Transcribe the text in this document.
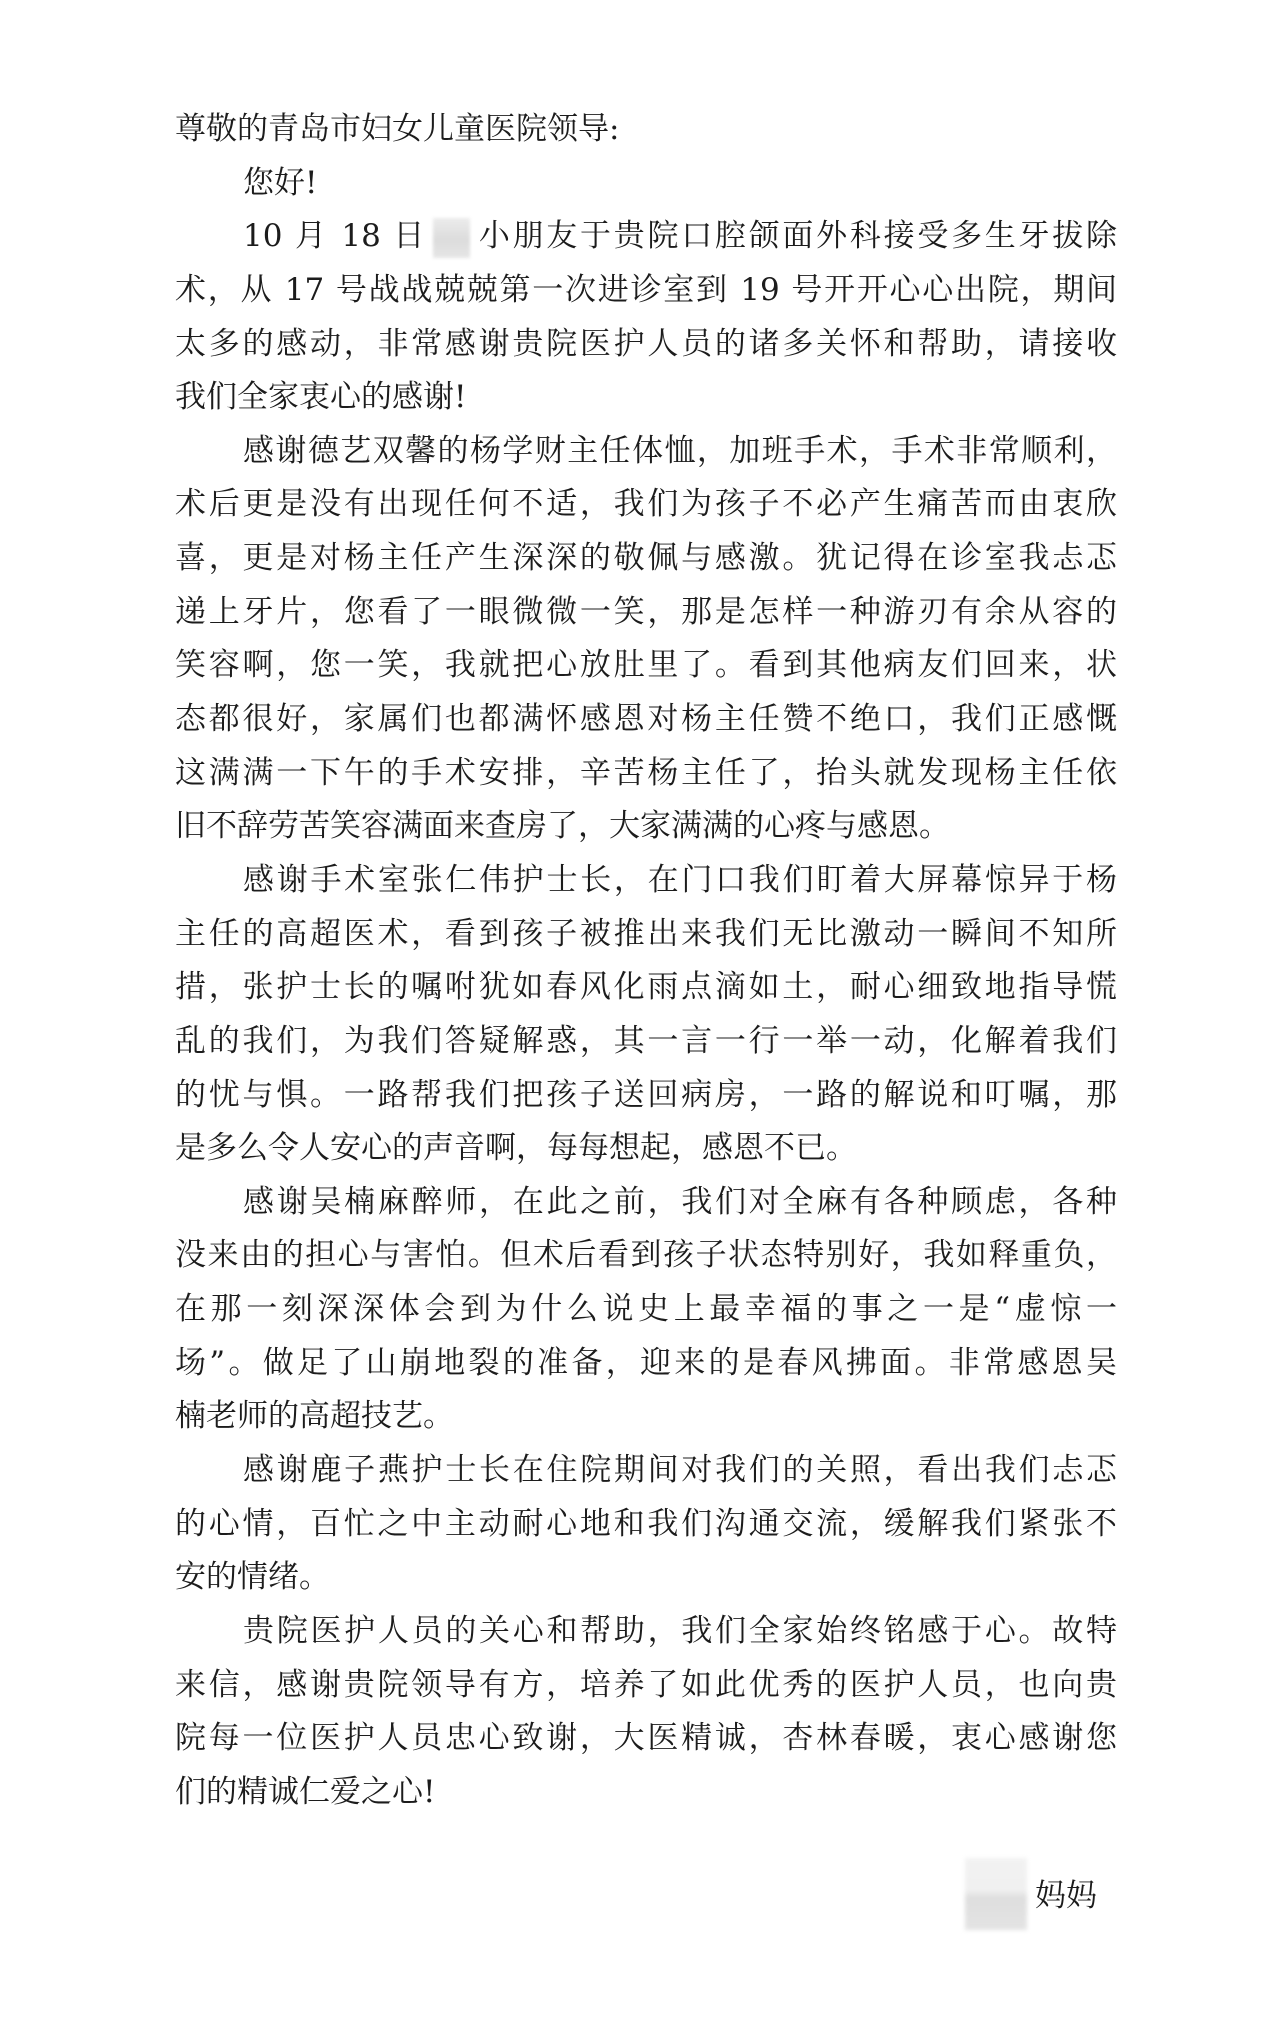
尊敬的青岛市妇女儿童医院领导:
您好!
10 月 18 日 小朋友于贵院口腔颌面外科接受多生牙拔除
术，从 17 号战战兢兢第一次进诊室到 19 号开开心心出院，期间
太多的感动，非常感谢贵院医护人员的诸多关怀和帮助，请接收
我们全家衷心的感谢!
感谢德艺双馨的杨学财主任体恤，加班手术，手术非常顺利，
术后更是没有出现任何不适，我们为孩子不必产生痛苦而由衷欣
喜，更是对杨主任产生深深的敬佩与感激。犹记得在诊室我忐忑
递上牙片，您看了一眼微微一笑，那是怎样一种游刃有余从容的
笑容啊，您一笑，我就把心放肚里了。看到其他病友们回来，状
态都很好，家属们也都满怀感恩对杨主任赞不绝口，我们正感慨
这满满一下午的手术安排，辛苦杨主任了，抬头就发现杨主任依
旧不辞劳苦笑容满面来查房了，大家满满的心疼与感恩。
感谢手术室张仁伟护士长，在门口我们盯着大屏幕惊异于杨
主任的高超医术，看到孩子被推出来我们无比激动一瞬间不知所
措，张护士长的嘱咐犹如春风化雨点滴如土，耐心细致地指导慌
乱的我们，为我们答疑解惑，其一言一行一举一动，化解着我们
的忧与惧。一路帮我们把孩子送回病房，一路的解说和叮嘱，那
是多么令人安心的声音啊，每每想起，感恩不已。
感谢吴楠麻醉师，在此之前，我们对全麻有各种顾虑，各种
没来由的担心与害怕。但术后看到孩子状态特别好，我如释重负，
在那一刻深深体会到为什么说史上最幸福的事之一是“虚惊一
场”。做足了山崩地裂的准备，迎来的是春风拂面。非常感恩吴
楠老师的高超技艺。
感谢鹿子燕护士长在住院期间对我们的关照，看出我们忐忑
的心情，百忙之中主动耐心地和我们沟通交流，缓解我们紧张不
安的情绪。
贵院医护人员的关心和帮助，我们全家始终铭感于心。故特
来信，感谢贵院领导有方，培养了如此优秀的医护人员，也向贵
院每一位医护人员忠心致谢，大医精诚，杏林春暖，衷心感谢您
们的精诚仁爱之心!
妈妈
